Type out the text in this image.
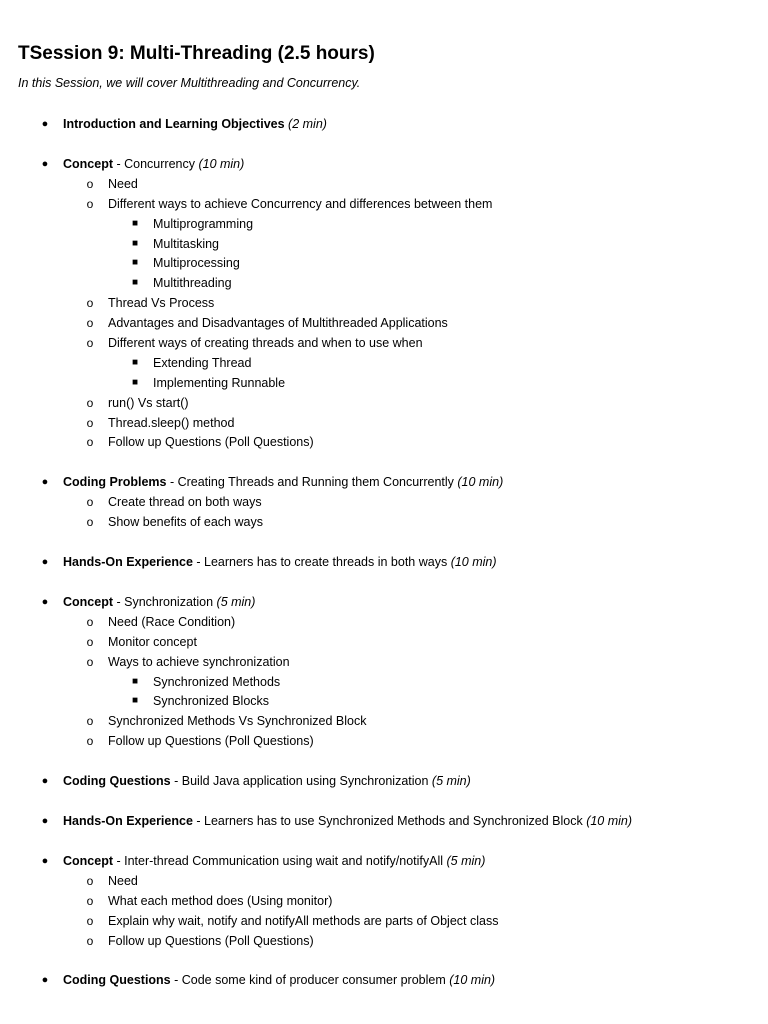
TSession 9: Multi-Threading (2.5 hours)
In this Session, we will cover Multithreading and Concurrency.
● Introduction and Learning Objectives (2 min)
● Concept - Concurrency (10 min)
o Need
o Different ways to achieve Concurrency and differences between them
■	Multiprogramming
■	Multitasking
■	Multiprocessing
■	Multithreading
o Thread Vs Process
o Advantages and Disadvantages of Multithreaded Applications
o Different ways of creating threads and when to use when
■	Extending Thread
■	Implementing Runnable
o run() Vs start()
o Thread.sleep() method
o Follow up Questions (Poll Questions)
● Coding Problems - Creating Threads and Running them Concurrently (10 min)
o Create thread on both ways
o Show benefits of each ways
● Hands-On Experience - Learners has to create threads in both ways (10 min)
● Concept - Synchronization (5 min)
o Need (Race Condition)
o Monitor concept
o Ways to achieve synchronization
■	Synchronized Methods
■	Synchronized Blocks
o Synchronized Methods Vs Synchronized Block
o Follow up Questions (Poll Questions)
● Coding Questions - Build Java application using Synchronization (5 min)
● Hands-On Experience - Learners has to use Synchronized Methods and Synchronized Block (10 min)
● Concept - Inter-thread Communication using wait and notify/notifyAll (5 min)
o Need
o What each method does (Using monitor)
o Explain why wait, notify and notifyAll methods are parts of Object class
o Follow up Questions (Poll Questions)
● Coding Questions - Code some kind of producer consumer problem (10 min)
